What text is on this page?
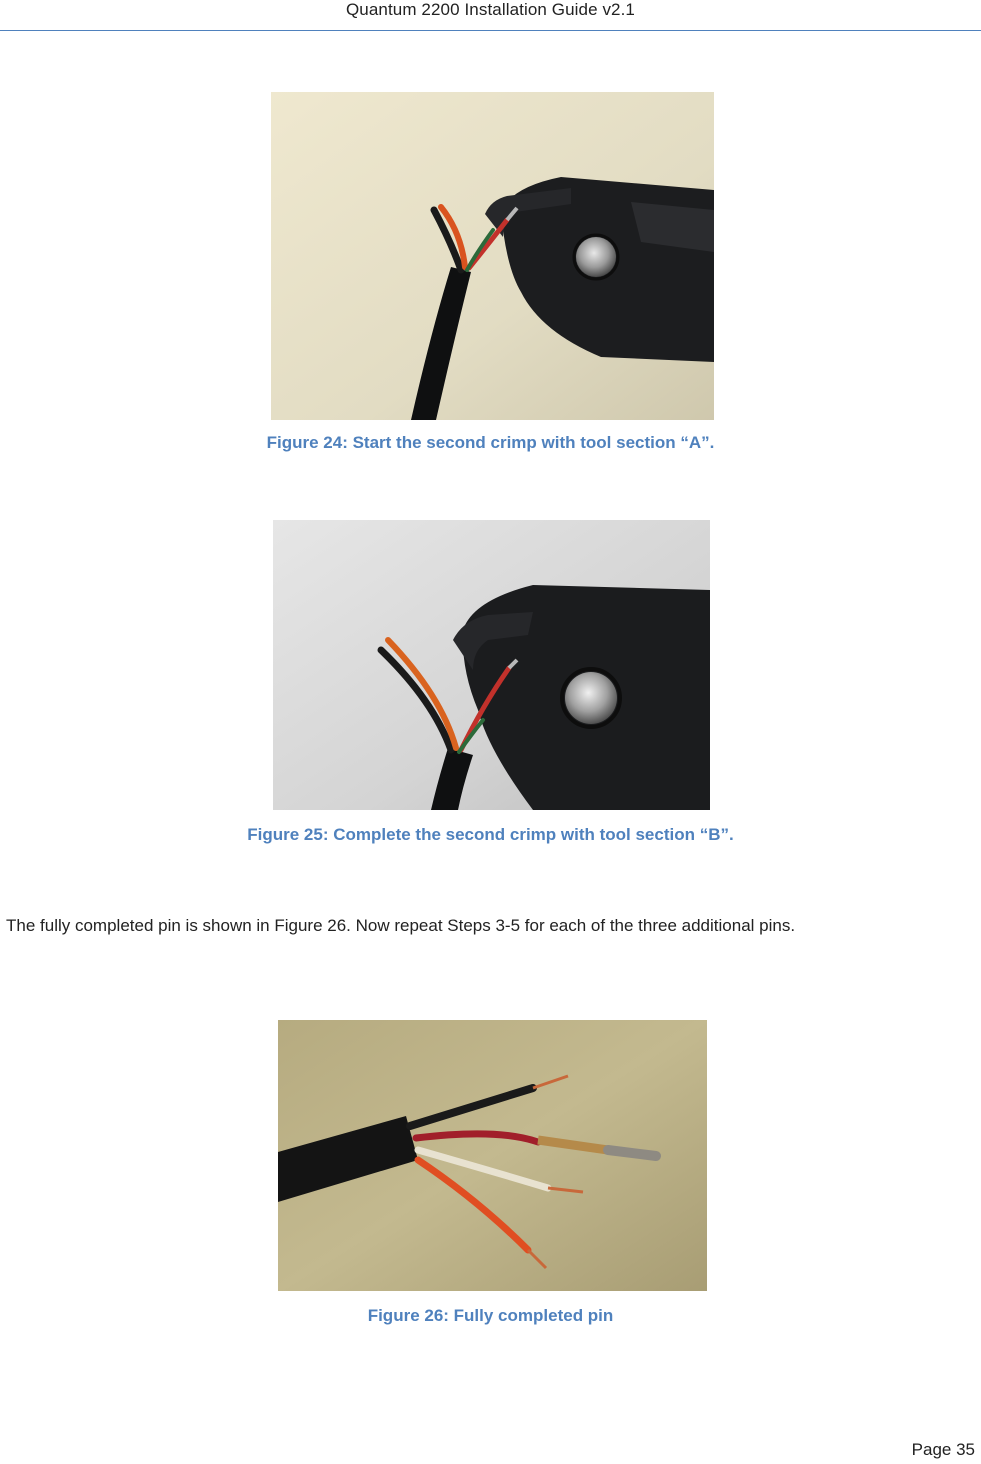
Quantum 2200 Installation Guide v2.1
Figure 24: Start the second crimp with tool section “A”.
Figure 25: Complete the second crimp with tool section “B”.
The fully completed pin is shown in Figure 26. Now repeat Steps 3-5 for each of the three additional pins.
Figure 26: Fully completed pin
Page 35
